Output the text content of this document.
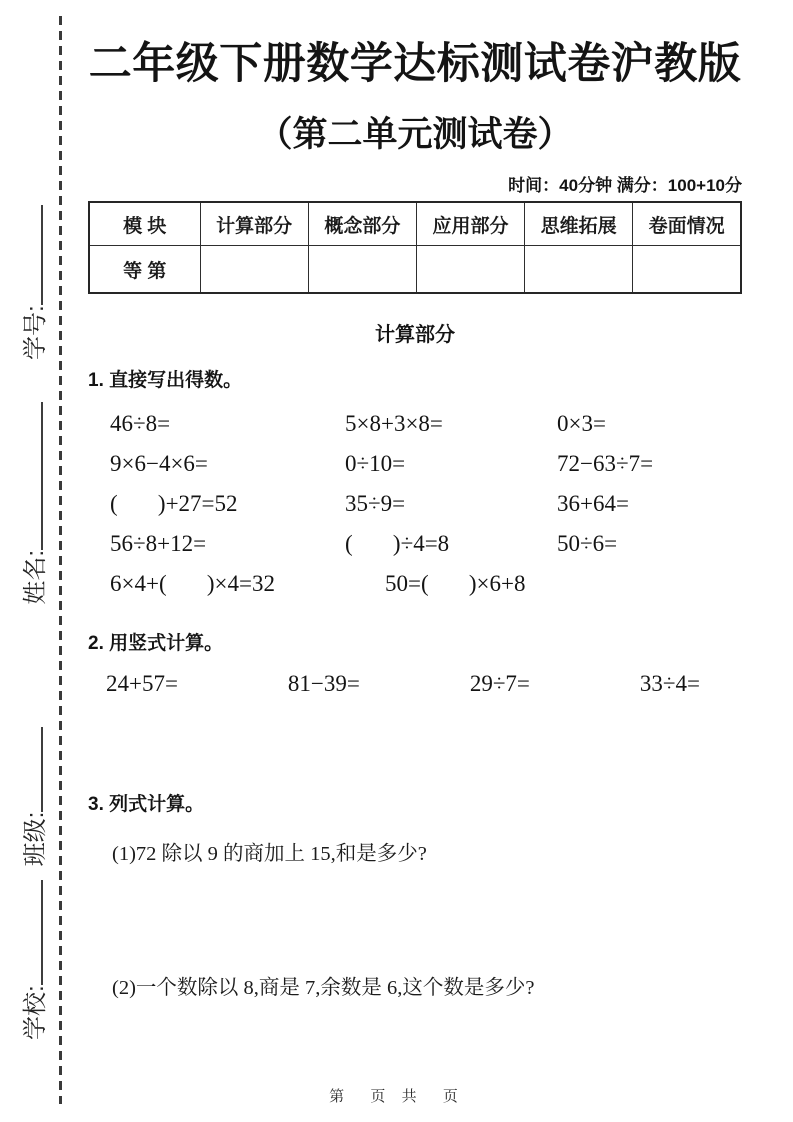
学校:班级:姓名:学号:
二年级下册数学达标测试卷沪教版
（第二单元测试卷）
时间：40分钟 满分：100+10分
模 块	计算部分	概念部分	应用部分	思维拓展	卷面情况
等 第					
计算部分
1. 直接写出得数。
46÷8=	5×8+3×8=	0×3=
9×6−4×6=	0÷10=	72−63÷7=
(       )+27=52	35÷9=	36+64=
56÷8+12=	(       )÷4=8	50÷6=
6×4+(       )×4=32	50=(       )×6+8
2. 用竖式计算。
24+57=	81−39=	29÷7=	33÷4=
3. 列式计算。
(1)72 除以 9 的商加上 15,和是多少?
(2)一个数除以 8,商是 7,余数是 6,这个数是多少?
第  页 共  页
